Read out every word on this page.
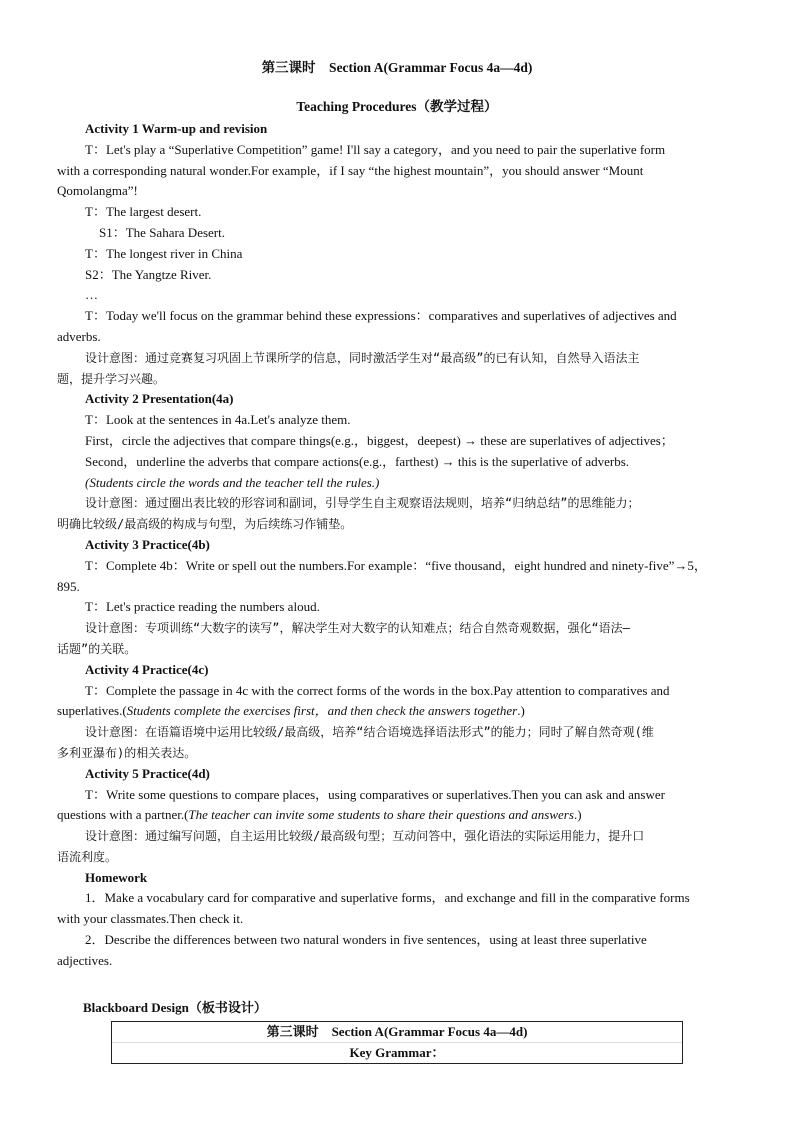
第三课时　Section A(Grammar Focus 4a—4d)
Teaching Procedures（教学过程）
Activity 1 Warm-up and revision
T：Let's play a “Superlative Competition” game! I'll say a category，and you need to pair the superlative form
with a corresponding natural wonder.For example，if I say “the highest mountain”，you should answer “Mount
Qomolangma”!
T：The largest desert.
S1：The Sahara Desert.
T：The longest river in China
S2：The Yangtze River.
…
T：Today we'll focus on the grammar behind these expressions：comparatives and superlatives of adjectives and
adverbs.
设计意图：通过竞赛复习巩固上节课所学的信息，同时激活学生对“最高级”的已有认知，自然导入语法主
题，提升学习兴趣。
Activity 2 Presentation(4a)
T：Look at the sentences in 4a.Let's analyze them.
First，circle the adjectives that compare things(e.g.，biggest，deepest) → these are superlatives of adjectives；
Second，underline the adverbs that compare actions(e.g.，farthest) → this is the superlative of adverbs.
(Students circle the words and the teacher tell the rules.)
设计意图：通过圈出表比较的形容词和副词，引导学生自主观察语法规则，培养“归纳总结”的思维能力；
明确比较级/最高级的构成与句型，为后续练习作铺垫。
Activity 3 Practice(4b)
T：Complete 4b：Write or spell out the numbers.For example：“five thousand，eight hundred and ninety-five”→5，
895.
T：Let's practice reading the numbers aloud.
设计意图：专项训练“大数字的读写”，解决学生对大数字的认知难点；结合自然奇观数据，强化“语法—
话题”的关联。
Activity 4 Practice(4c)
T：Complete the passage in 4c with the correct forms of the words in the box.Pay attention to comparatives and
superlatives.(Students complete the exercises first，and then check the answers together.)
设计意图：在语篇语境中运用比较级/最高级，培养“结合语境选择语法形式”的能力；同时了解自然奇观(维
多利亚瀑布)的相关表达。
Activity 5 Practice(4d)
T：Write some questions to compare places，using comparatives or superlatives.Then you can ask and answer
questions with a partner.(The teacher can invite some students to share their questions and answers.)
设计意图：通过编写问题，自主运用比较级/最高级句型；互动问答中，强化语法的实际运用能力，提升口
语流利度。
Homework
1．Make a vocabulary card for comparative and superlative forms，and exchange and fill in the comparative forms
with your classmates.Then check it.
2．Describe the differences between two natural wonders in five sentences，using at least three superlative
adjectives.
Blackboard Design（板书设计）
第三课时　Section A(Grammar Focus 4a—4d)
Key Grammar：
